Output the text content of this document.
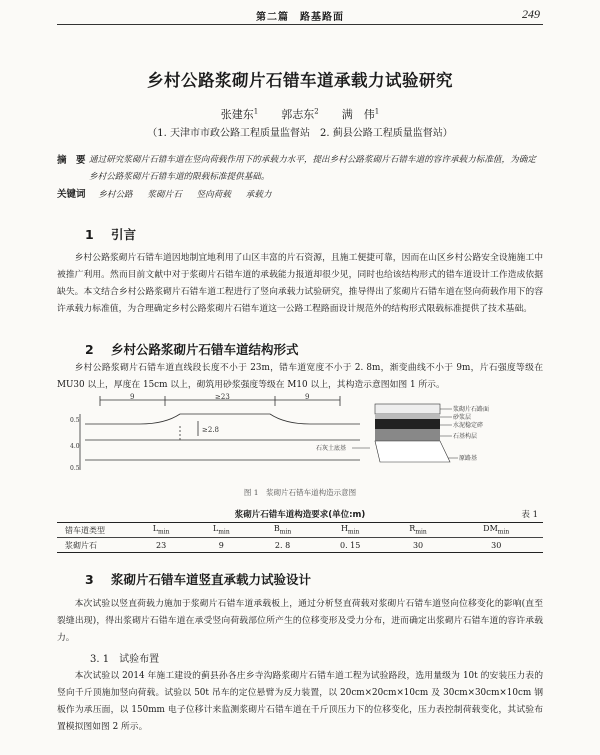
第二篇　路基路面	249
乡村公路浆砌片石错车道承载力试验研究
张建东$^1$ 郭志东$^2$ 满　伟$^1$
（1. 天津市市政公路工程质量监督站　2. 蓟县公路工程质量监督站）
摘　要 通过研究浆砌片石错车道在竖向荷载作用下的承载力水平，提出乡村公路浆砌片石错车道的容许承载力标准值，为确定乡村公路浆砌片石错车道的限载标准提供基础。
关键词 乡村公路 浆砌片石 竖向荷载 承载力
1 引言

乡村公路浆砌片石错车道因地制宜地利用了山区丰富的片石资源，且施工便捷可靠，因而在山区乡村公路安全设施施工中被推广利用。然而目前文献中对于浆砌片石错车道的承载能力报道却很少见，同时也给该结构形式的错车道设计工作造成依据缺失。本文结合乡村公路浆砌片石错车道工程进行了竖向承载力试验研究，推导得出了浆砌片石错车道在竖向荷载作用下的容许承载力标准值，为合理确定乡村公路浆砌片石错车道这一公路工程路面设计规范外的结构形式限载标准提供了技术基础。

2 乡村公路浆砌片石错车道结构形式

乡村公路浆砌片石错车道直线段长度不小于 23m，错车道宽度不小于 2. 8m，渐变曲线不小于 9m，片石强度等级在 MU30 以上，厚度在 15cm 以上，砌筑用砂浆强度等级在 M10 以上，其构造示意图如图 1 所示。

9	≥23	9
≥2.8
0.5
4.0
0.5
浆砌片石路面
砂浆层
水泥稳定碎
石基构层
石灰土底基
原路基
图 1　浆砌片石错车道构造示意图
浆砌片石错车道构造要求(单位:m)	表 1
错车道类型	$L_{min}$	$L_{min}$	$B_{min}$	$H_{min}$	$R_{min}$	$DM_{min}$
浆砌片石	23	9	2. 8	0. 15	30	30
3 浆砌片石错车道竖直承载力试验设计

本次试验以竖直荷载力施加于浆砌片石错车道承载板上，通过分析竖直荷载对浆砌片石错车道竖向位移变化的影响(直至裂缝出现)，得出浆砌片石错车道在承受竖向荷载部位所产生的位移变形及受力分布，进而确定出浆砌片石错车道的容许承载力。

3. 1　 试验布置

本次试验以 2014 年施工建设的蓟县孙各庄乡寺沟路浆砌片石错车道工程为试验路段，选用量级为 10t 的安装压力表的竖向千斤顶施加竖向荷载。试验以 50t 吊车的定位悬臂为反力装置，以 20cm×20cm×10cm 及 30cm×30cm×10cm 钢板作为承压面，以 150mm 电子位移计来监测浆砌片石错车道在千斤顶压力下的位移变化，压力表控制荷载变化，其试验布置模拟图如图 2 所示。
